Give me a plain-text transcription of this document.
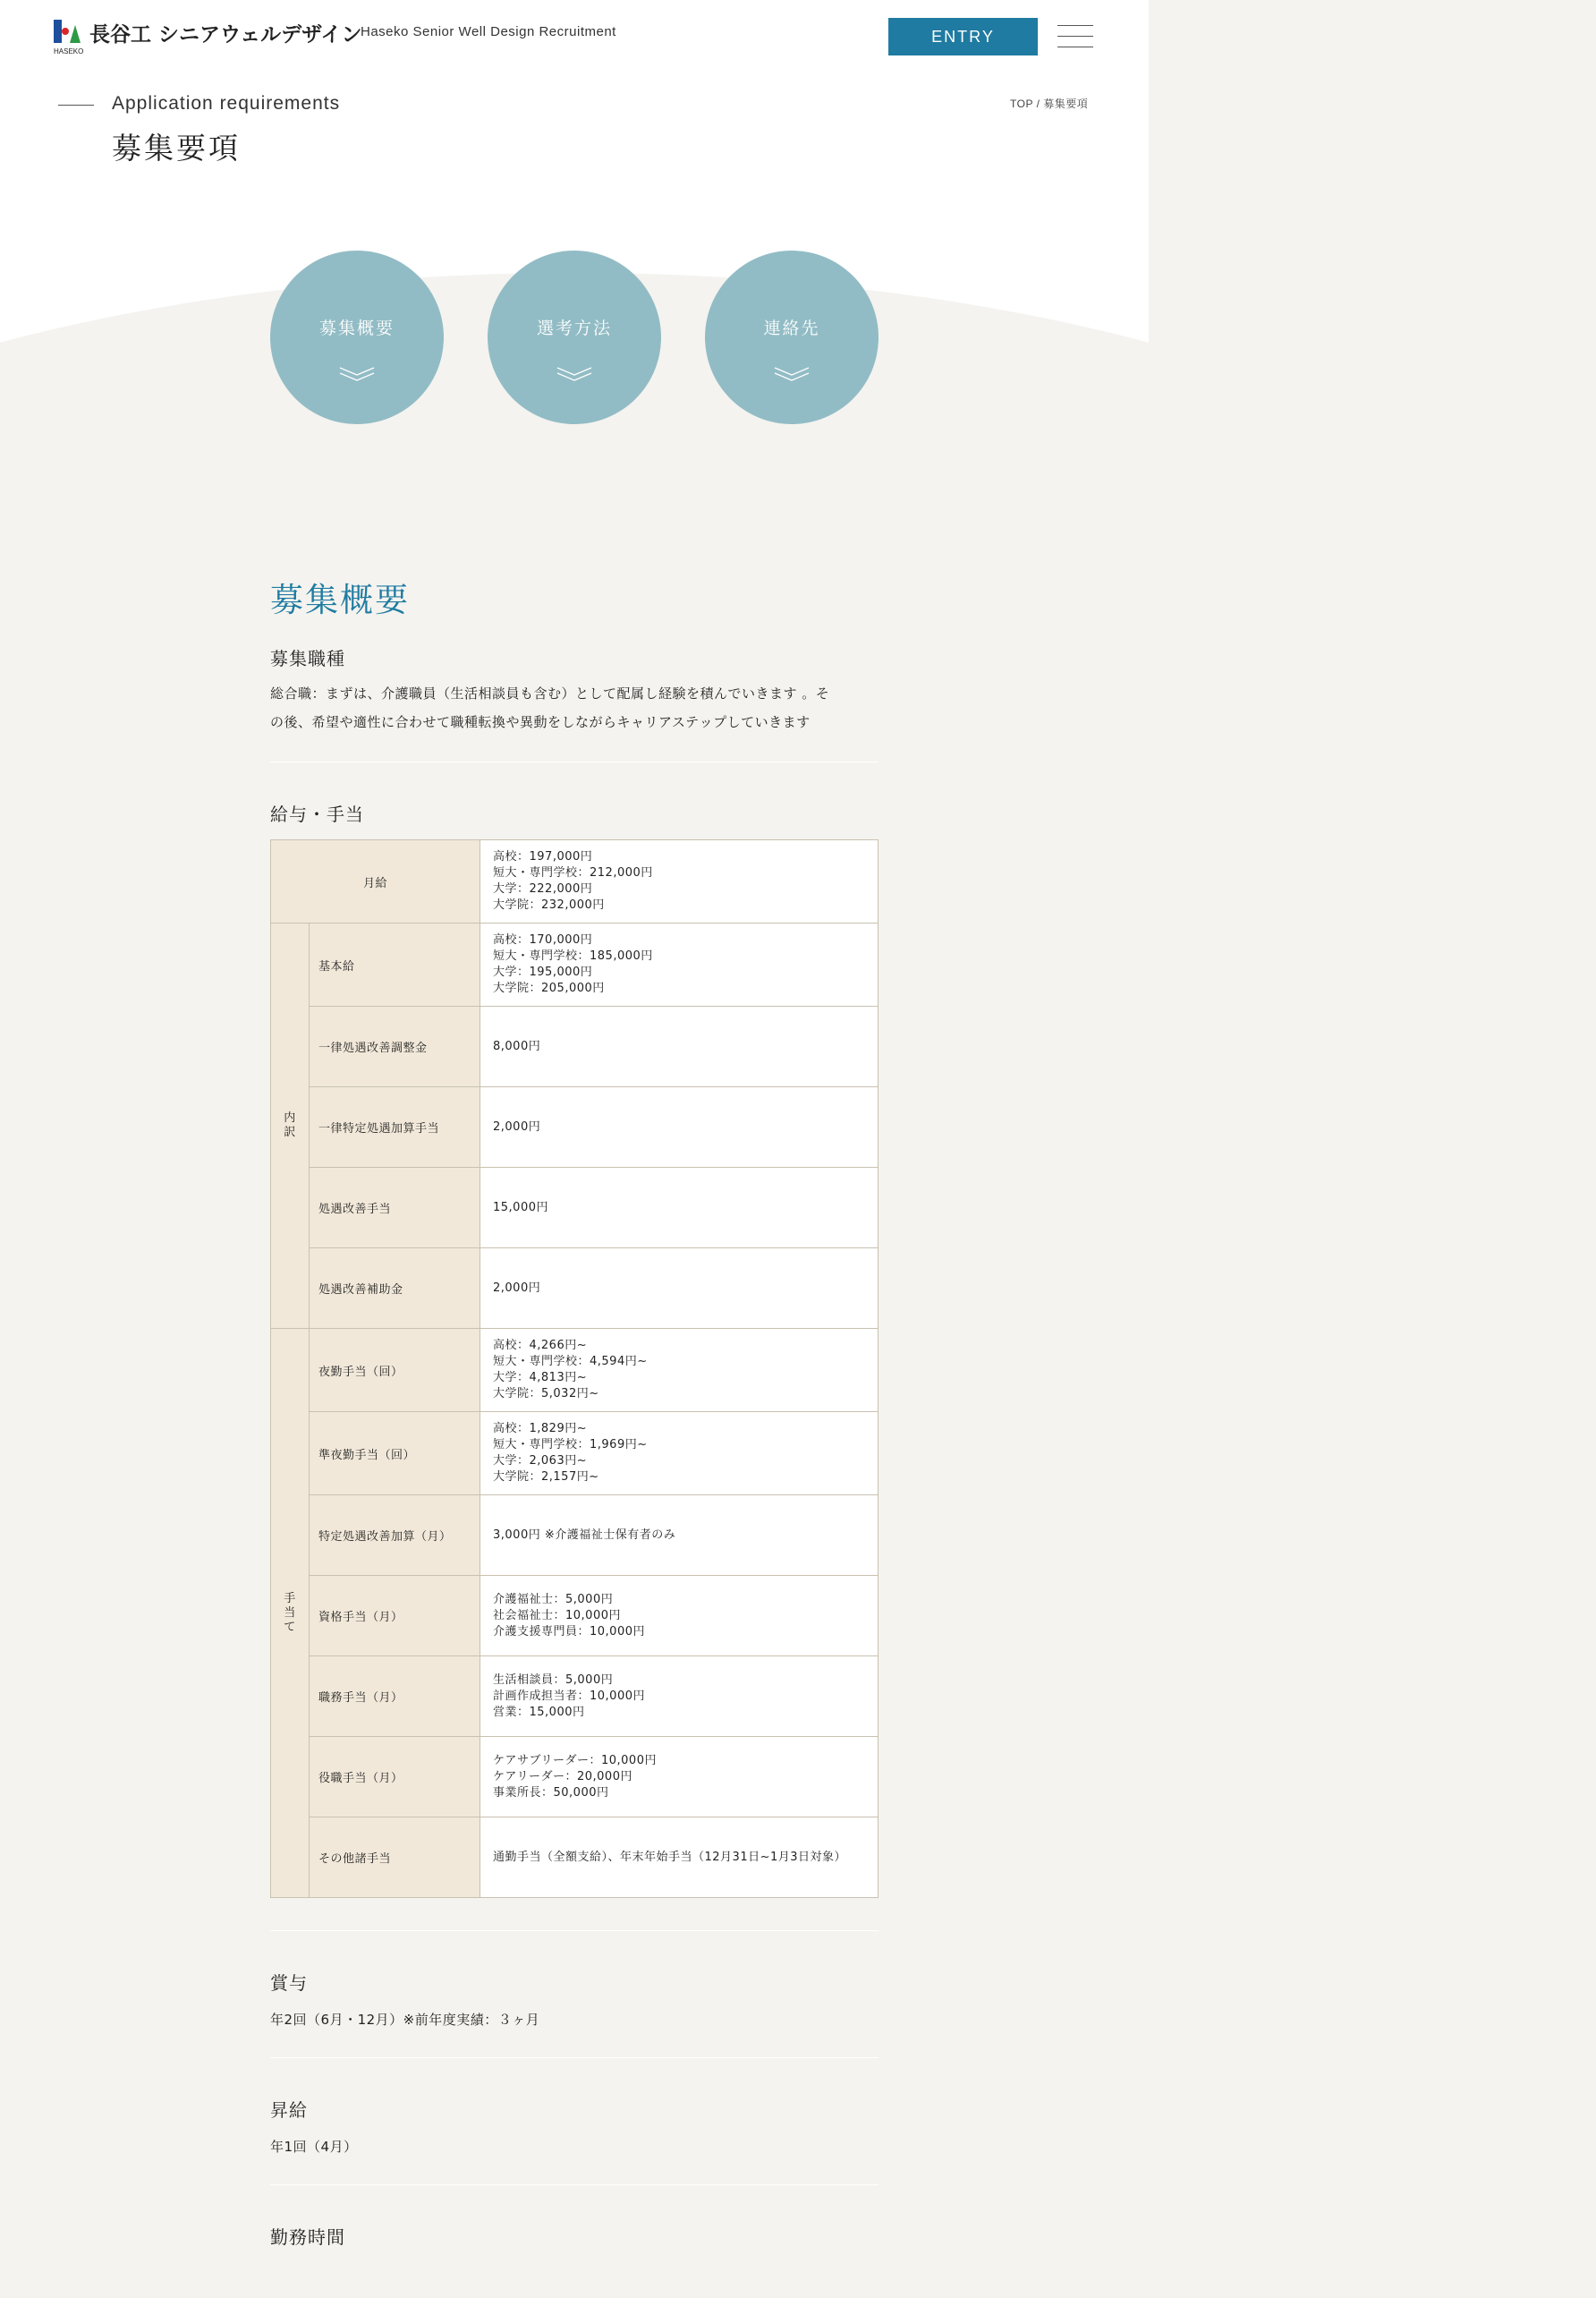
HASEKO
長谷工 シニアウェルデザイン
Haseko Senior Well Design Recruitment	ENTRY
Application requirements
募集要項
TOP / 募集要項
募集概要	選考方法	連絡先
募集概要
募集職種
総合職：まずは、介護職員（生活相談員も含む）として配属し経験を積んでいきます 。そ
の後、希望や適性に合わせて職種転換や異動をしながらキャリアステップしていきます
給与・手当
月給		高校：197,000円
短大・専門学校：212,000円
大学：222,000円
大学院：232,000円
内訳	基本給	高校：170,000円
短大・専門学校：185,000円
大学：195,000円
大学院：205,000円
	一律処遇改善調整金	8,000円
	一律特定処遇加算手当	2,000円
	処遇改善手当	15,000円
	処遇改善補助金	2,000円
手当て	夜勤手当（回）	高校：4,266円~
短大・専門学校：4,594円~
大学：4,813円~
大学院：5,032円~
	準夜勤手当（回）	高校：1,829円~
短大・専門学校：1,969円~
大学：2,063円~
大学院：2,157円~
	特定処遇改善加算（月）	3,000円 ※介護福祉士保有者のみ
	資格手当（月）	介護福祉士：5,000円
社会福祉士：10,000円
介護支援専門員：10,000円
	職務手当（月）	生活相談員：5,000円
計画作成担当者：10,000円
営業：15,000円
	役職手当（月）	ケアサブリーダー：10,000円
ケアリーダー：20,000円
事業所長：50,000円
	その他諸手当	通勤手当（全額支給）、年末年始手当（12月31日~1月3日対象）
賞与
年2回（6月・12月）※前年度実績：３ヶ月
昇給
年1回（4月）
勤務時間
